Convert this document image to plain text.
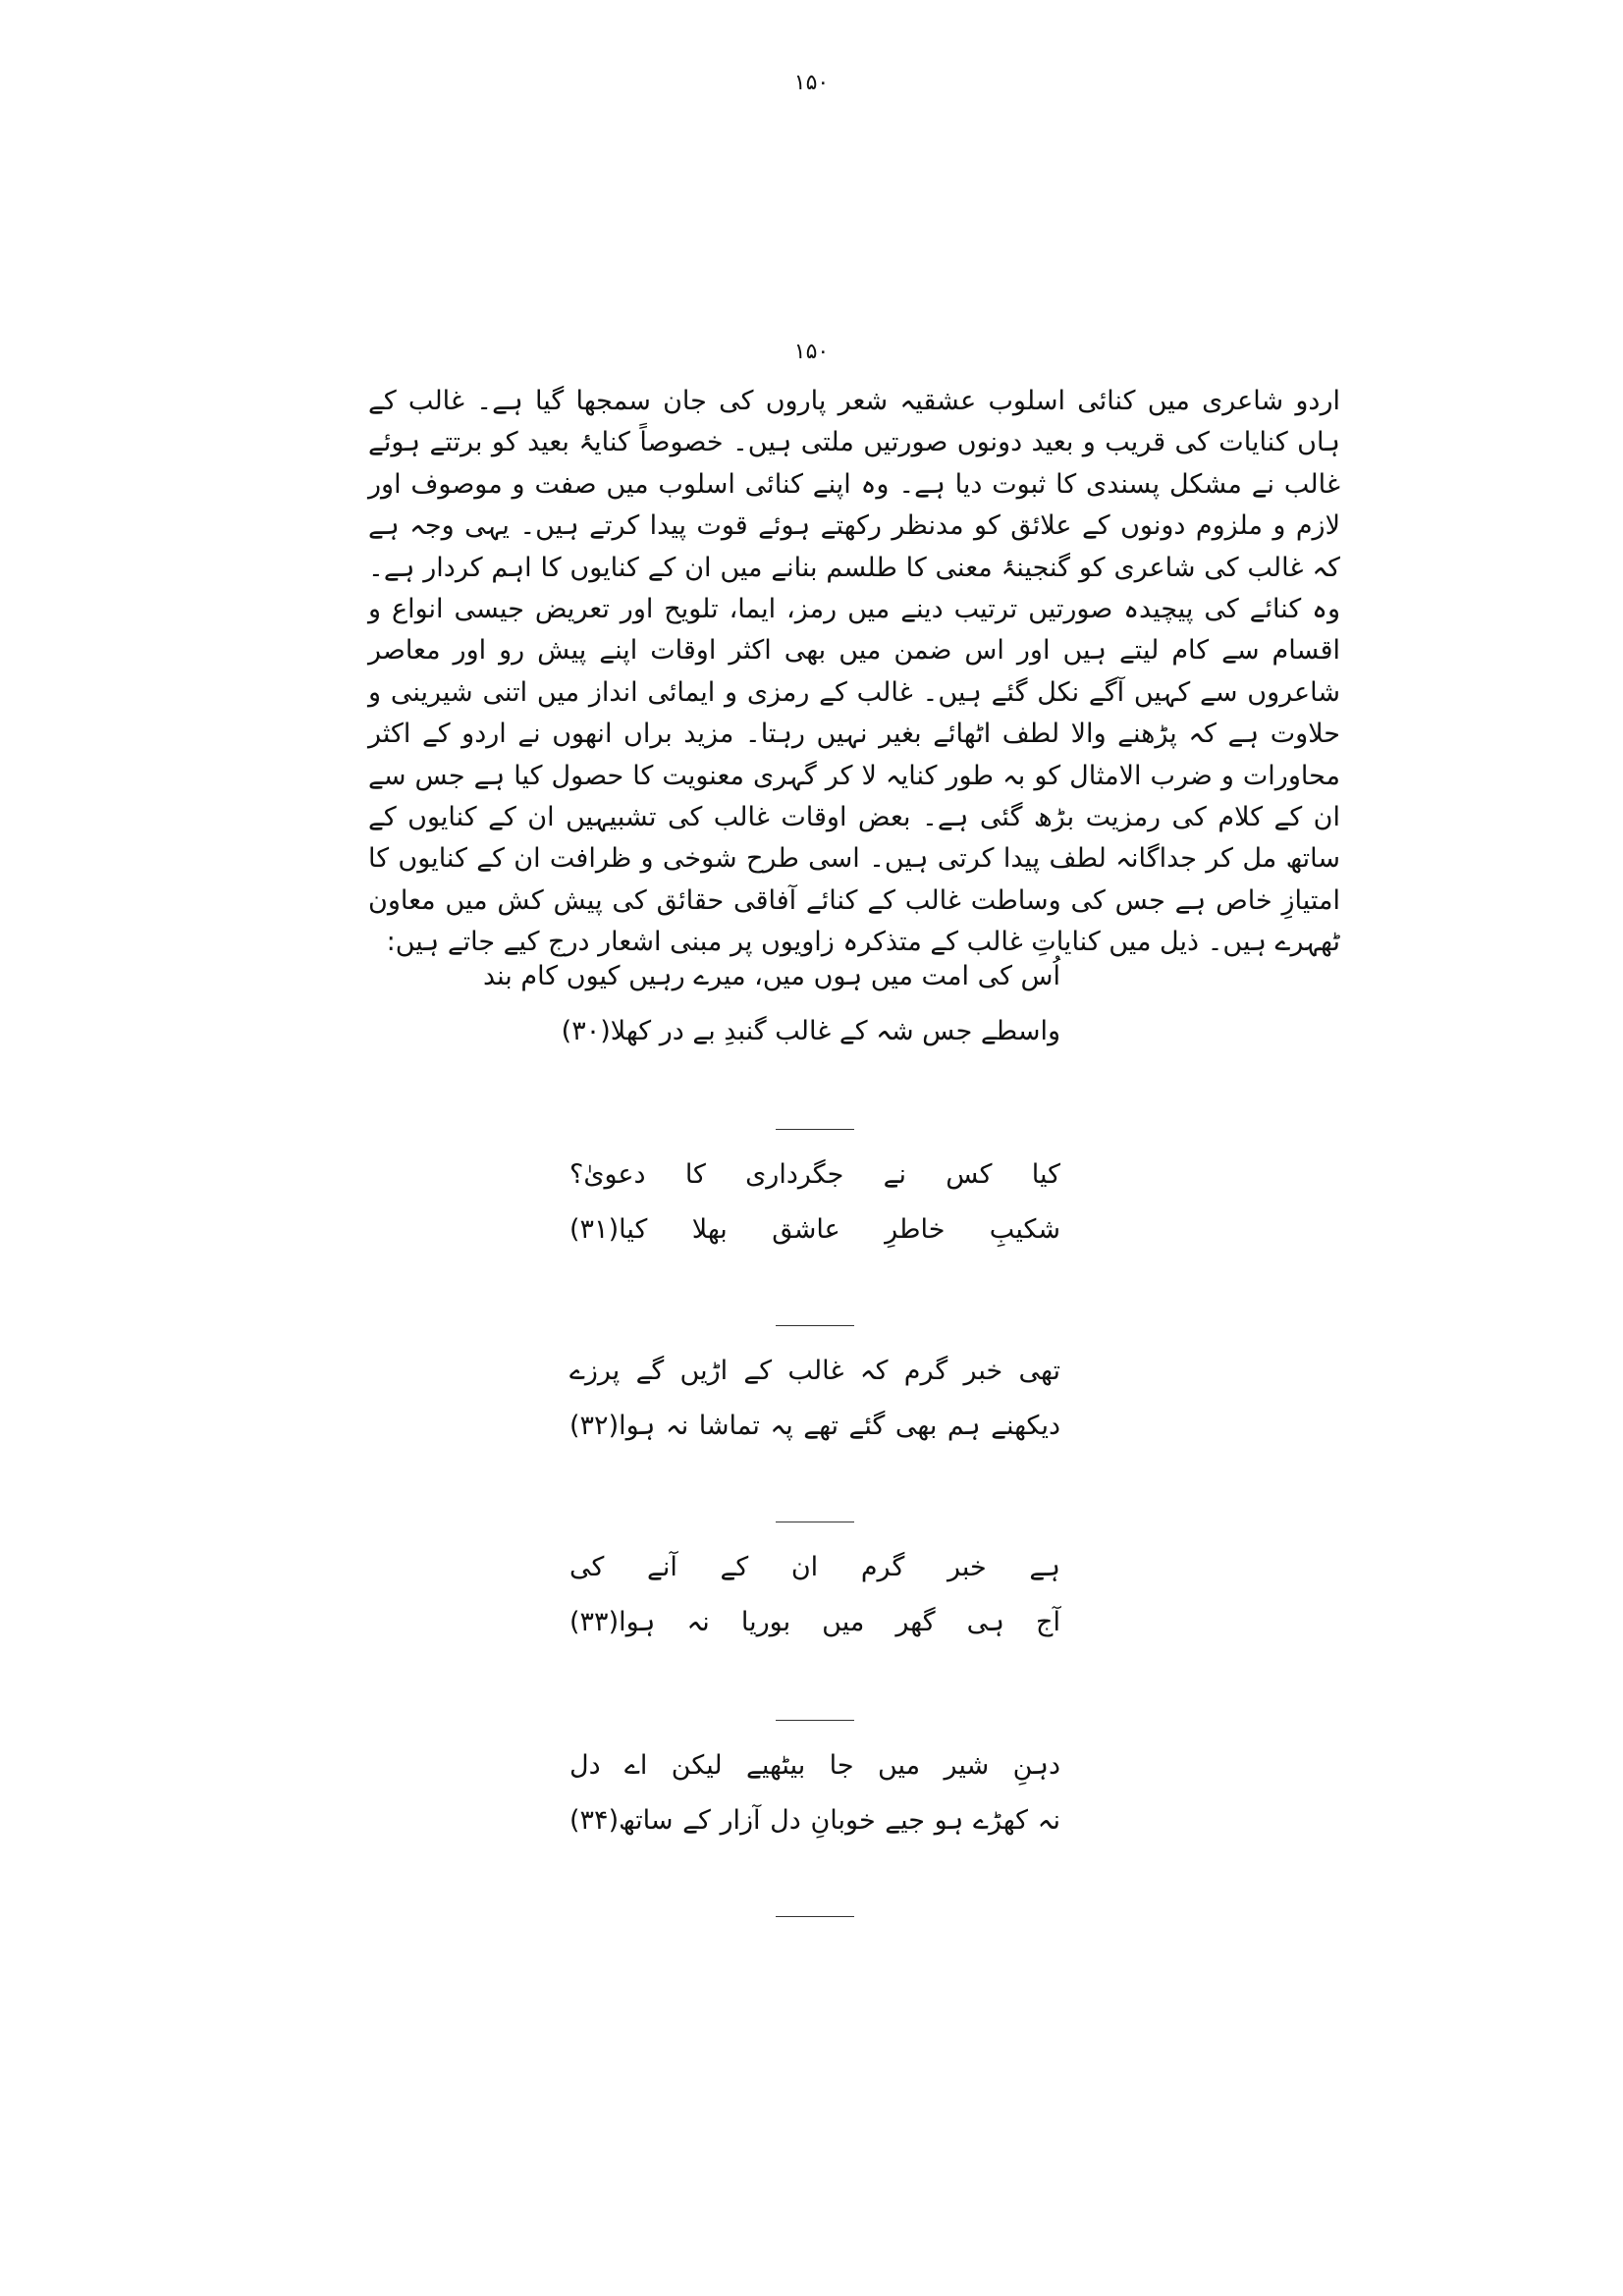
۱۵۰
۱۵۰

اردو شاعری میں کنائی اسلوب عشقیہ شعر پاروں کی جان سمجھا گیا ہے۔ غالب کے ہاں کنایات کی قریب و بعید دونوں صورتیں ملتی ہیں۔ خصوصاً کنایۂ بعید کو برتتے ہوئے غالب نے مشکل پسندی کا ثبوت دیا ہے۔ وہ اپنے کنائی اسلوب میں صفت و موصوف اور لازم و ملزوم دونوں کے علائق کو مدنظر رکھتے ہوئے قوت پیدا کرتے ہیں۔ یہی وجہ ہے کہ غالب کی شاعری کو گنجینۂ معنی کا طلسم بنانے میں ان کے کنایوں کا اہم کردار ہے۔ وہ کنائے کی پیچیدہ صورتیں ترتیب دینے میں رمز، ایما، تلویح اور تعریض جیسی انواع و اقسام سے کام لیتے ہیں اور اس ضمن میں بھی اکثر اوقات اپنے پیش رو اور معاصر شاعروں سے کہیں آگے نکل گئے ہیں۔ غالب کے رمزی و ایمائی انداز میں اتنی شیرینی و حلاوت ہے کہ پڑھنے والا لطف اٹھائے بغیر نہیں رہتا۔ مزید براں انھوں نے اردو کے اکثر محاورات و ضرب الامثال کو بہ طور کنایہ لا کر گہری معنویت کا حصول کیا ہے جس سے ان کے کلام کی رمزیت بڑھ گئی ہے۔ بعض اوقات غالب کی تشبیہیں ان کے کنایوں کے ساتھ مل کر جداگانہ لطف پیدا کرتی ہیں۔ اسی طرح شوخی و ظرافت ان کے کنایوں کا امتیازِ خاص ہے جس کی وساطت غالب کے کنائے آفاقی حقائق کی پیش کش میں معاون ٹھہرے ہیں۔ ذیل میں کنایاتِ غالب کے متذکرہ زاویوں پر مبنی اشعار درج کیے جاتے ہیں:

اُس کی امت میں ہوں میں، میرے رہیں کیوں کام بند
واسطے جس شہ کے غالب گنبدِ بے در کھلا(۳۰)
کیا کس نے جگرداری کا دعویٰ؟
شکیبِ خاطرِ عاشق بھلا کیا(۳۱)
تھی خبر گرم کہ غالب کے اڑیں گے پرزے
دیکھنے ہم بھی گئے تھے پہ تماشا نہ ہوا(۳۲)
ہے خبر گرم ان کے آنے کی
آج ہی گھر میں بوریا نہ ہوا(۳۳)
دہنِ شیر میں جا بیٹھیے لیکن اے دل
نہ کھڑے ہو جیے خوبانِ دل آزار کے ساتھ(۳۴)
